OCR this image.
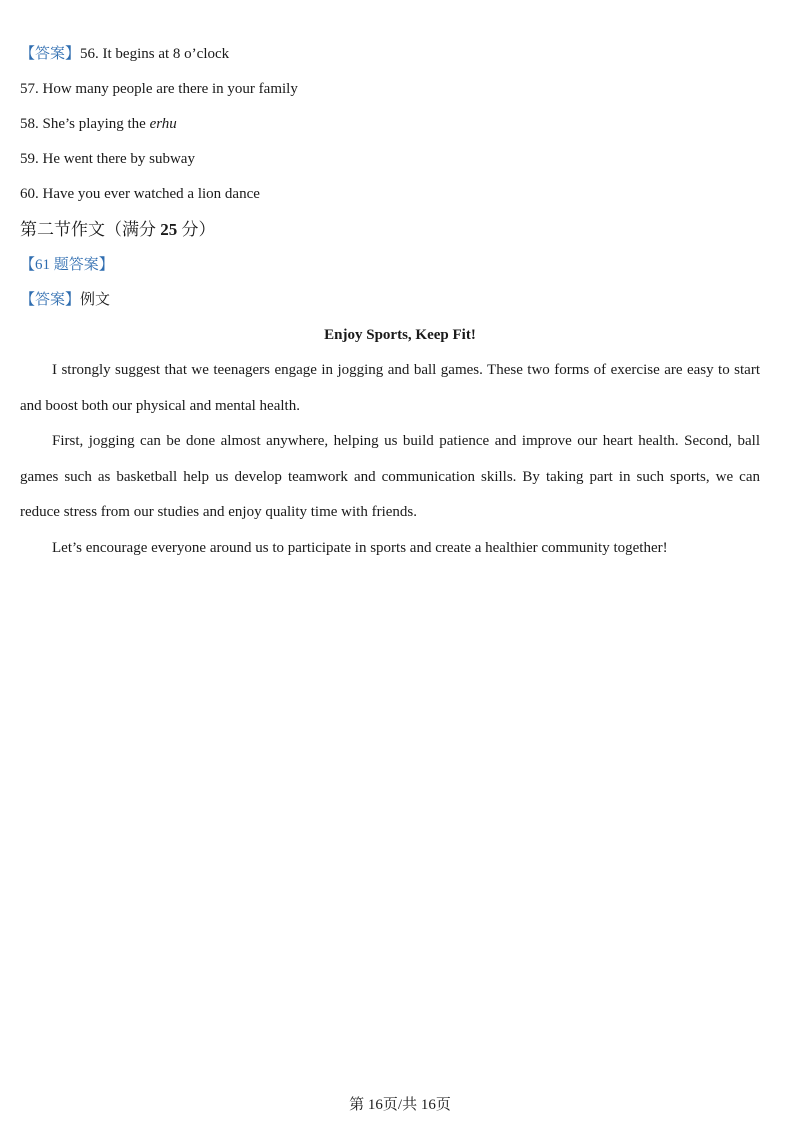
【答案】56. It begins at 8 o’clock
57. How many people are there in your family
58. She’s playing the erhu
59. He went there by subway
60. Have you ever watched a lion dance
第二节作文（满分 25 分）
【61 题答案】
【答案】例文
Enjoy Sports, Keep Fit!

I strongly suggest that we teenagers engage in jogging and ball games. These two forms of exercise are easy to start and boost both our physical and mental health.

First, jogging can be done almost anywhere, helping us build patience and improve our heart health. Second, ball games such as basketball help us develop teamwork and communication skills. By taking part in such sports, we can reduce stress from our studies and enjoy quality time with friends.

Let’s encourage everyone around us to participate in sports and create a healthier community together!

第 16页/共 16页
